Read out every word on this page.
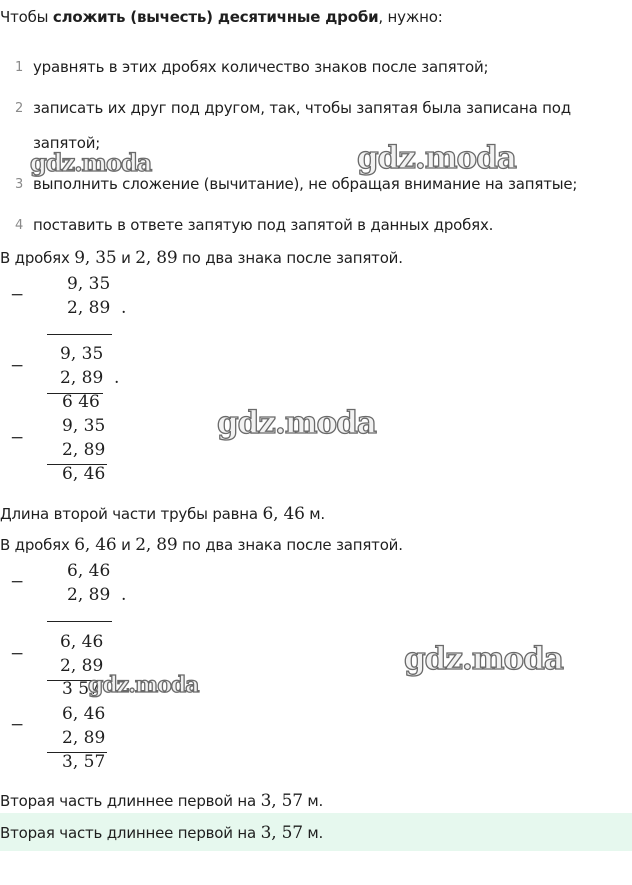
Чтобы сложить (вычесть) десятичные дроби, нужно:
1 уравнять в этих дробях количество знаков после запятой;
2 записать их друг под другом, так, чтобы запятая была записана под
запятой;
3 выполнить сложение (вычитание), не обращая внимание на запятые;
4 поставить в ответе запятую под запятой в данных дробях.
В дробях 9, 35 и 2, 89 по два знака после запятой.
−
9, 35
2, 89 .
−
9, 35
2, 89 .
6 46
−
9, 35
2, 89
6, 46
Длина второй части трубы равна 6, 46 м.
В дробях 6, 46 и 2, 89 по два знака после запятой.
−
6, 46
2, 89 .
−
6, 46
2, 89
3 57
−
6, 46
2, 89
3, 57
Вторая часть длиннее первой на 3, 57 м.
Вторая часть длиннее первой на 3, 57 м.
gdz.moda	gdz.moda
gdz.moda
gdz.moda
gdz.moda
